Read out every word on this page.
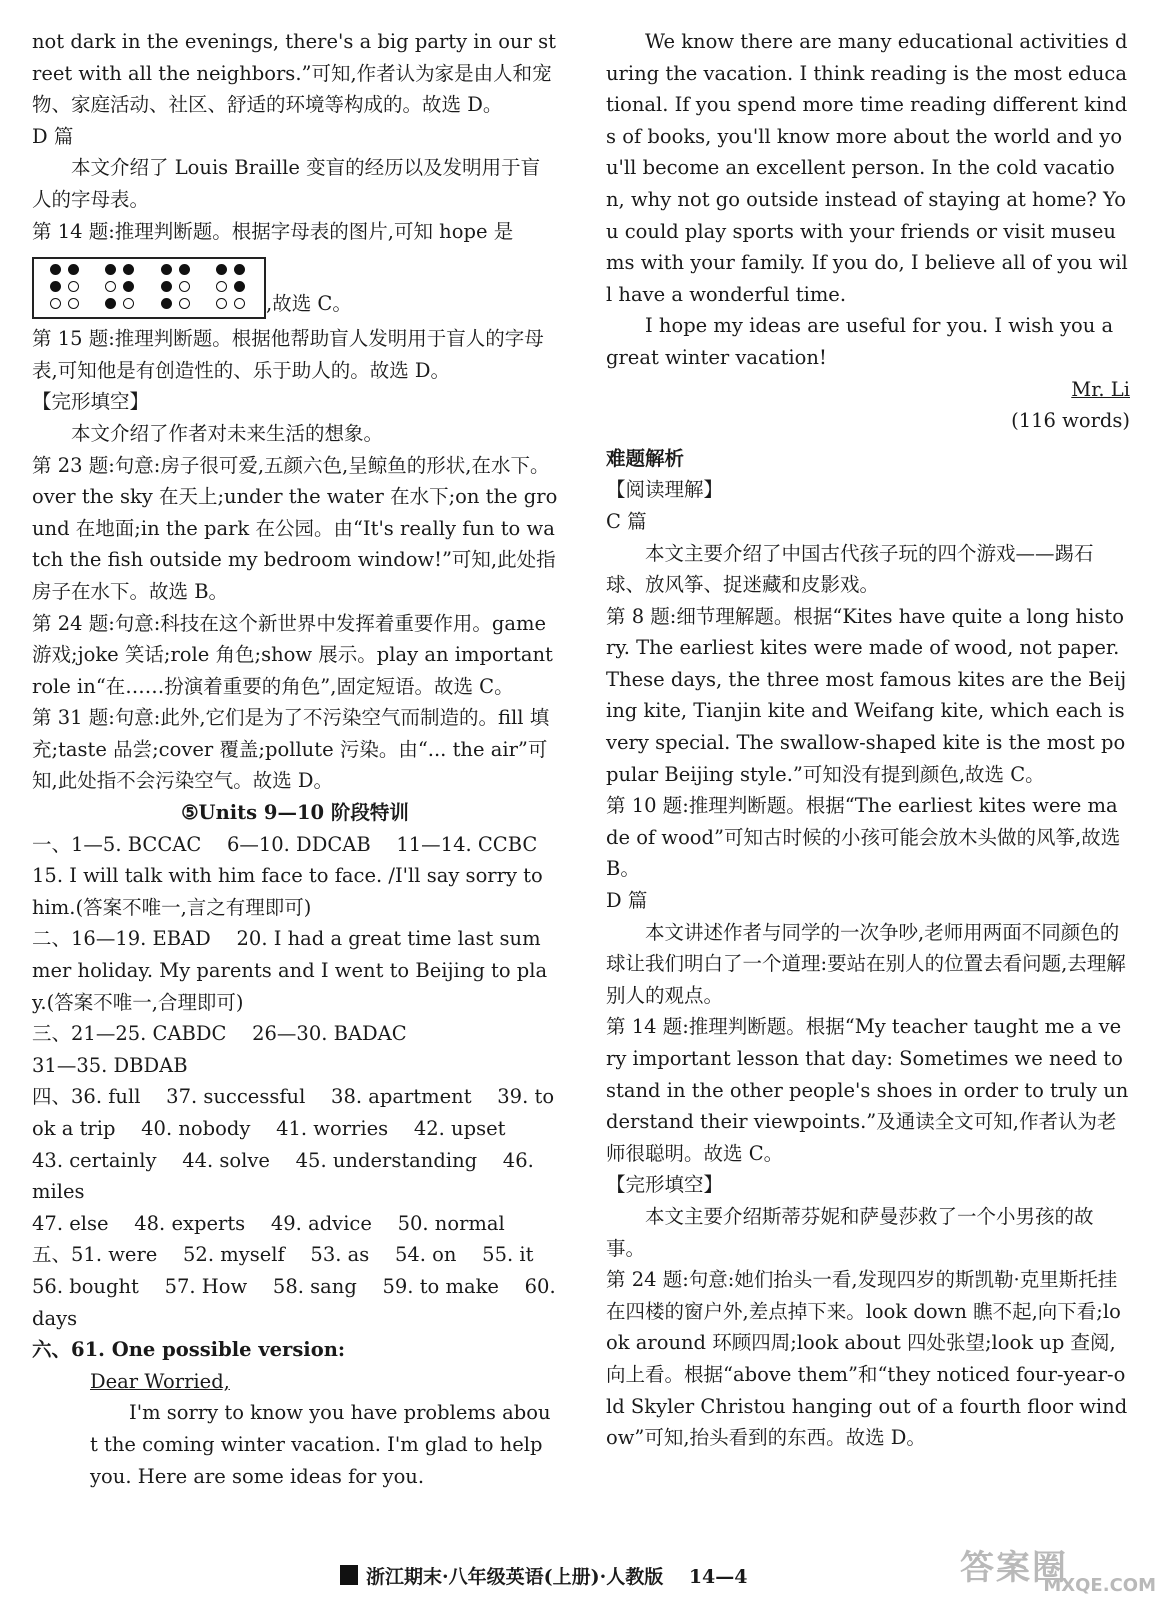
not dark in the evenings, there's a big party in our street with all the neighbors.”可知,作者认为家是由人和宠物、家庭活动、社区、舒适的环境等构成的。故选 D。

D 篇

本文介绍了 Louis Braille 变盲的经历以及发明用于盲人的字母表。

第 14 题:推理判断题。根据字母表的图片,可知 hope 是

,故选 C。

第 15 题:推理判断题。根据他帮助盲人发明用于盲人的字母表,可知他是有创造性的、乐于助人的。故选 D。

【完形填空】

本文介绍了作者对未来生活的想象。

第 23 题:句意:房子很可爱,五颜六色,呈鲸鱼的形状,在水下。over the sky 在天上;under the water 在水下;on the ground 在地面;in the park 在公园。由“It's really fun to watch the fish outside my bedroom window!”可知,此处指房子在水下。故选 B。

第 24 题:句意:科技在这个新世界中发挥着重要作用。game 游戏;joke 笑话;role 角色;show 展示。play an important role in“在……扮演着重要的角色”,固定短语。故选 C。

第 31 题:句意:此外,它们是为了不污染空气而制造的。fill 填充;taste 品尝;cover 覆盖;pollute 污染。由“... the air”可知,此处指不会污染空气。故选 D。

⑤Units 9—10 阶段特训

一、1—5. BCCAC　 6—10. DDCAB　 11—14. CCBC

15. I will talk with him face to face. /I'll say sorry to him.(答案不唯一,言之有理即可)

二、16—19. EBAD　 20. I had a great time last summer holiday. My parents and I went to Beijing to play.(答案不唯一,合理即可)

三、21—25. CABDC　 26—30. BADAC

31—35. DBDAB

四、36. full　 37. successful　 38. apartment　 39. took a trip　 40. nobody　 41. worries　 42. upset

43. certainly　 44. solve　 45. understanding　 46. miles

47. else　 48. experts　 49. advice　 50. normal

五、51. were　 52. myself　 53. as　 54. on　 55. it

56. bought　 57. How　 58. sang　 59. to make　 60. days

六、61. One possible version:

Dear Worried,

I'm sorry to know you have problems about the coming winter vacation. I'm glad to help you. Here are some ideas for you.

We know there are many educational activities during the vacation. I think reading is the most educational. If you spend more time reading different kinds of books, you'll know more about the world and you'll become an excellent person. In the cold vacation, why not go outside instead of staying at home? You could play sports with your friends or visit museums with your family. If you do, I believe all of you will have a wonderful time.

I hope my ideas are useful for you. I wish you a great winter vacation!

Mr. Li

(116 words)

难题解析

【阅读理解】

C 篇

本文主要介绍了中国古代孩子玩的四个游戏——踢石球、放风筝、捉迷藏和皮影戏。

第 8 题:细节理解题。根据“Kites have quite a long history. The earliest kites were made of wood, not paper. These days, the three most famous kites are the Beijing kite, Tianjin kite and Weifang kite, which each is very special. The swallow-shaped kite is the most popular Beijing style.”可知没有提到颜色,故选 C。

第 10 题:推理判断题。根据“The earliest kites were made of wood”可知古时候的小孩可能会放木头做的风筝,故选 B。

D 篇

本文讲述作者与同学的一次争吵,老师用两面不同颜色的球让我们明白了一个道理:要站在别人的位置去看问题,去理解别人的观点。

第 14 题:推理判断题。根据“My teacher taught me a very important lesson that day: Sometimes we need to stand in the other people's shoes in order to truly understand their viewpoints.”及通读全文可知,作者认为老师很聪明。故选 C。

【完形填空】

本文主要介绍斯蒂芬妮和萨曼莎救了一个小男孩的故事。

第 24 题:句意:她们抬头一看,发现四岁的斯凯勒·克里斯托挂在四楼的窗户外,差点掉下来。look down 瞧不起,向下看;look around 环顾四周;look about 四处张望;look up 查阅,向上看。根据“above them”和“they noticed four-year-old Skyler Christou hanging out of a fourth floor window”可知,抬头看到的东西。故选 D。

浙江期末·八年级英语(上册)·人教版　 14—4	答案圈
MXQE.COM
